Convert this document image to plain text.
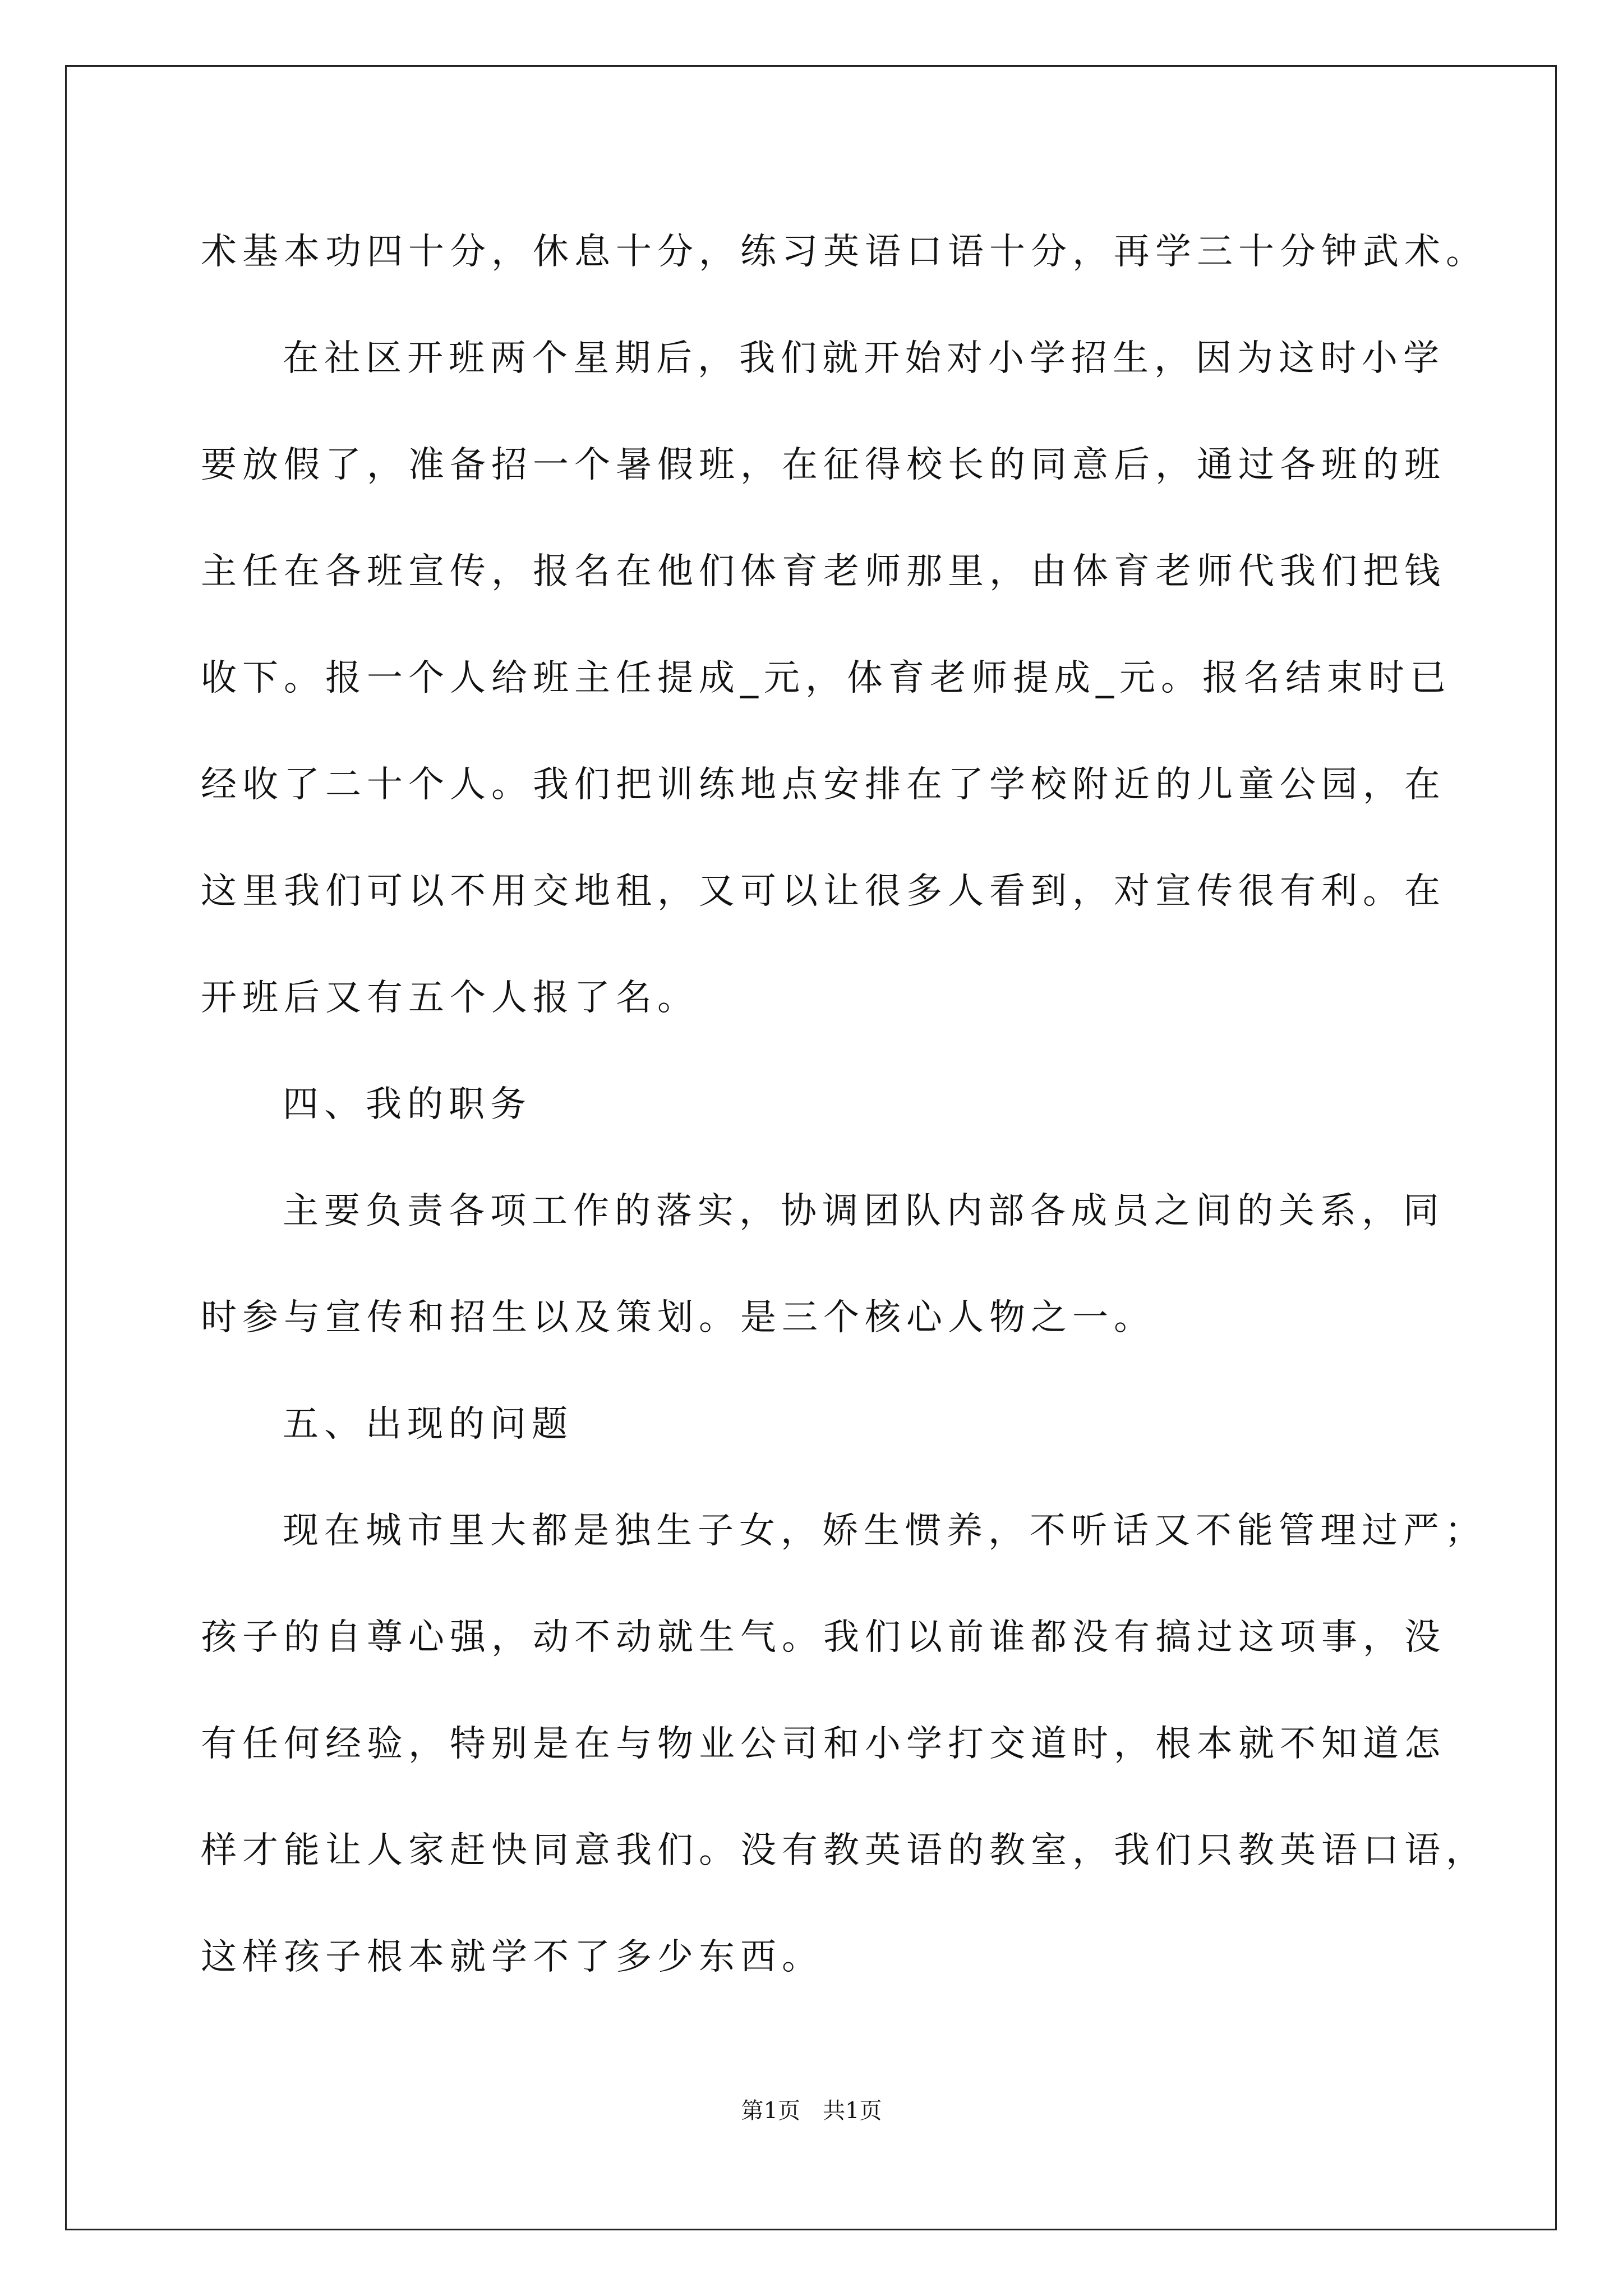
术基本功四十分，休息十分，练习英语口语十分，再学三十分钟武术。
在社区开班两个星期后，我们就开始对小学招生，因为这时小学
要放假了，准备招一个暑假班，在征得校长的同意后，通过各班的班
主任在各班宣传，报名在他们体育老师那里，由体育老师代我们把钱
收下。报一个人给班主任提成_元，体育老师提成_元。报名结束时已
经收了二十个人。我们把训练地点安排在了学校附近的儿童公园，在
这里我们可以不用交地租，又可以让很多人看到，对宣传很有利。在
开班后又有五个人报了名。
四、我的职务
主要负责各项工作的落实，协调团队内部各成员之间的关系，同
时参与宣传和招生以及策划。是三个核心人物之一。
五、出现的问题
现在城市里大都是独生子女，娇生惯养，不听话又不能管理过严；
孩子的自尊心强，动不动就生气。我们以前谁都没有搞过这项事，没
有任何经验，特别是在与物业公司和小学打交道时，根本就不知道怎
样才能让人家赶快同意我们。没有教英语的教室，我们只教英语口语，
这样孩子根本就学不了多少东西。
第1页　共1页
